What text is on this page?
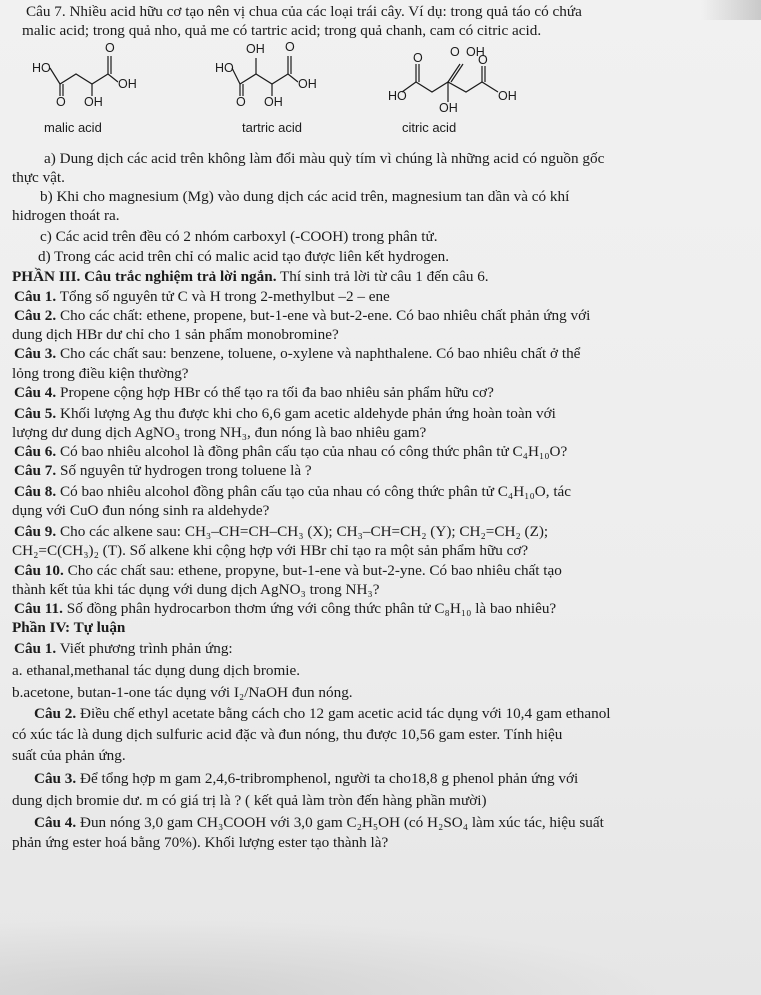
Câu 7. Nhiều acid hữu cơ tạo nên vị chua của các loại trái cây. Ví dụ: trong quả táo có chứa
malic acid; trong quả nho, quả me có tartric acid; trong quả chanh, cam có citric acid.
HO
O OH
O
OH
HO
O OH
OH O
OH
HO
O
OH
O OH
O
OH
malic acid	tartric acid	citric acid
a) Dung dịch các acid trên không làm đổi màu quỳ tím vì chúng là những acid có nguồn gốc
thực vật.
b) Khi cho magnesium (Mg) vào dung dịch các acid trên, magnesium tan dần và có khí
hidrogen thoát ra.
c) Các acid trên đều có 2 nhóm carboxyl (-COOH) trong phân tử.
d) Trong các acid trên chỉ có malic acid tạo được liên kết hydrogen.
PHẦN III. Câu trắc nghiệm trả lời ngắn. Thí sinh trả lời từ câu 1 đến câu 6.
Câu 1. Tổng số nguyên tử C và H trong 2-methylbut –2 – ene
Câu 2. Cho các chất: ethene, propene, but-1-ene và but-2-ene. Có bao nhiêu chất phản ứng với
dung dịch HBr dư chỉ cho 1 sản phẩm monobromine?
Câu 3. Cho các chất sau: benzene, toluene, o-xylene và naphthalene. Có bao nhiêu chất ở thể
lỏng trong điều kiện thường?
Câu 4. Propene cộng hợp HBr có thể tạo ra tối đa bao nhiêu sản phẩm hữu cơ?
Câu 5. Khối lượng Ag thu được khi cho 6,6 gam acetic aldehyde phản ứng hoàn toàn với
lượng dư dung dịch AgNO₃ trong NH₃, đun nóng là bao nhiêu gam?
Câu 6. Có bao nhiêu alcohol là đồng phân cấu tạo của nhau có công thức phân tử C₄H₁₀O?
Câu 7. Số nguyên tử hydrogen trong toluene là ?
Câu 8. Có bao nhiêu alcohol đồng phân cấu tạo của nhau có công thức phân tử C₄H₁₀O, tác
dụng với CuO đun nóng sinh ra aldehyde?
Câu 9. Cho các alkene sau: CH₃–CH=CH–CH₃ (X); CH₃–CH=CH₂ (Y); CH₂=CH₂ (Z);
CH₂=C(CH₃)₂ (T). Số alkene khi cộng hợp với HBr chỉ tạo ra một sản phẩm hữu cơ?
Câu 10. Cho các chất sau: ethene, propyne, but-1-ene và but-2-yne. Có bao nhiêu chất tạo
thành kết tủa khi tác dụng với dung dịch AgNO₃ trong NH₃?
Câu 11. Số đồng phân hydrocarbon thơm ứng với công thức phân tử C₈H₁₀ là bao nhiêu?
Phần IV: Tự luận
Câu 1. Viết phương trình phản ứng:
a. ethanal,methanal tác dụng dung dịch bromie.
b.acetone, butan-1-one tác dụng với I₂/NaOH đun nóng.
Câu 2. Điều chế ethyl acetate bằng cách cho 12 gam acetic acid tác dụng với 10,4 gam ethanol
có xúc tác là dung dịch sulfuric acid đặc và đun nóng, thu được 10,56 gam ester. Tính hiệu
suất của phản ứng.
Câu 3. Để tổng hợp m gam 2,4,6-tribromphenol, người ta cho18,8 g phenol phản ứng với
dung dịch bromie dư. m có giá trị là ? ( kết quả làm tròn đến hàng phần mười)
Câu 4. Đun nóng 3,0 gam CH₃COOH với 3,0 gam C₂H₅OH (có H₂SO₄ làm xúc tác, hiệu suất
phản ứng ester hoá bằng 70%). Khối lượng ester tạo thành là?
